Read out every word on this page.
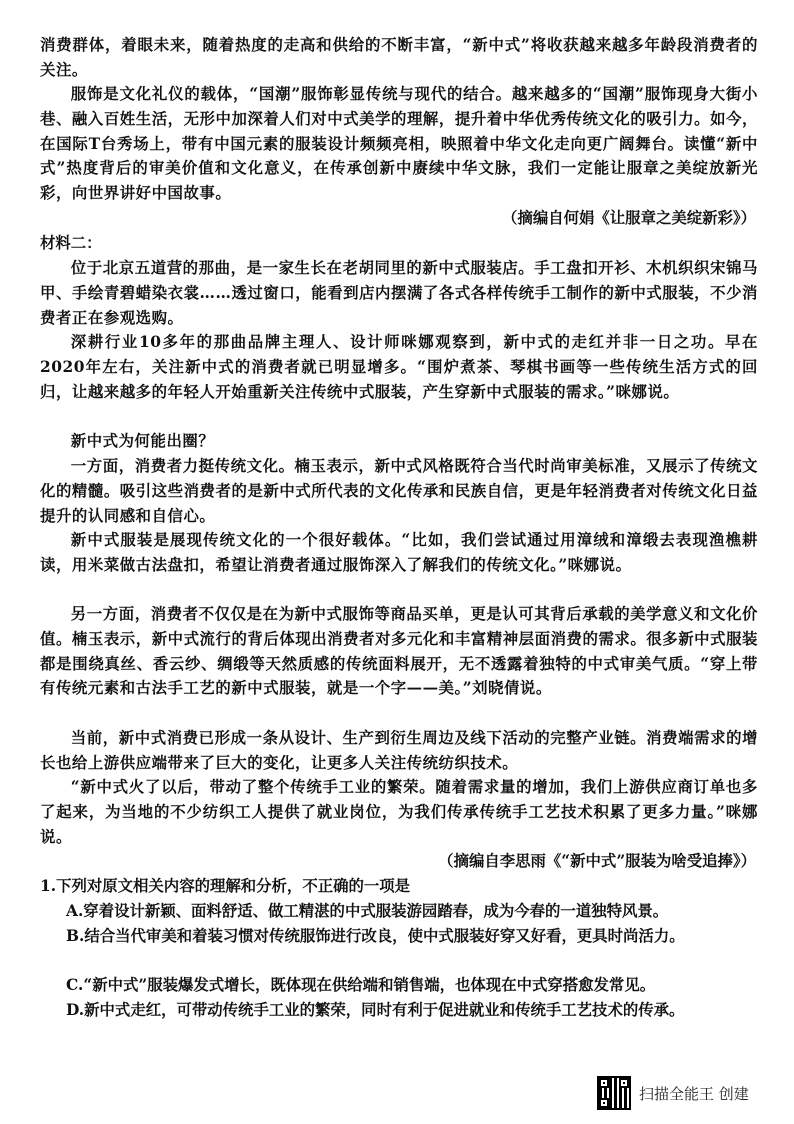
消费群体，着眼未来，随着热度的走高和供给的不断丰富，“新中式”将收获越来越多年龄段消费者的关注。
服饰是文化礼仪的载体，“国潮”服饰彰显传统与现代的结合。越来越多的“国潮”服饰现身大街小巷、融入百姓生活，无形中加深着人们对中式美学的理解，提升着中华优秀传统文化的吸引力。如今，在国际T台秀场上，带有中国元素的服装设计频频亮相，映照着中华文化走向更广阔舞台。读懂“新中式”热度背后的审美价值和文化意义，在传承创新中赓续中华文脉，我们一定能让服章之美绽放新光彩，向世界讲好中国故事。
（摘编自何娟《让服章之美绽新彩》）
材料二：
位于北京五道营的那曲，是一家生长在老胡同里的新中式服装店。手工盘扣开衫、木机织织宋锦马甲、手绘青碧蜡染衣裳……透过窗口，能看到店内摆满了各式各样传统手工制作的新中式服装，不少消费者正在参观选购。
深耕行业10多年的那曲品牌主理人、设计师咪娜观察到，新中式的走红并非一日之功。早在2020年左右，关注新中式的消费者就已明显增多。“围炉煮茶、琴棋书画等一些传统生活方式的回归，让越来越多的年轻人开始重新关注传统中式服装，产生穿新中式服装的需求。”咪娜说。
新中式为何能出圈？
一方面，消费者力挺传统文化。楠玉表示，新中式风格既符合当代时尚审美标准，又展示了传统文化的精髓。吸引这些消费者的是新中式所代表的文化传承和民族自信，更是年轻消费者对传统文化日益提升的认同感和自信心。
新中式服装是展现传统文化的一个很好载体。“比如，我们尝试通过用漳绒和漳缎去表现渔樵耕读，用米菜做古法盘扣，希望让消费者通过服饰深入了解我们的传统文化。”咪娜说。
另一方面，消费者不仅仅是在为新中式服饰等商品买单，更是认可其背后承载的美学意义和文化价值。楠玉表示，新中式流行的背后体现出消费者对多元化和丰富精神层面消费的需求。很多新中式服装都是围绕真丝、香云纱、绸缎等天然质感的传统面料展开，无不透露着独特的中式审美气质。“穿上带有传统元素和古法手工艺的新中式服装，就是一个字——美。”刘晓倩说。
当前，新中式消费已形成一条从设计、生产到衍生周边及线下活动的完整产业链。消费端需求的增长也给上游供应端带来了巨大的变化，让更多人关注传统纺织技术。
“新中式火了以后，带动了整个传统手工业的繁荣。随着需求量的增加，我们上游供应商订单也多了起来，为当地的不少纺织工人提供了就业岗位，为我们传承传统手工艺技术积累了更多力量。”咪娜说。
（摘编自李思雨《“新中式”服装为啥受追捧》）
1.下列对原文相关内容的理解和分析，不正确的一项是
A.穿着设计新颖、面料舒适、做工精湛的中式服装游园踏春，成为今春的一道独特风景。
B.结合当代审美和着装习惯对传统服饰进行改良，使中式服装好穿又好看，更具时尚活力。
C.“新中式”服装爆发式增长，既体现在供给端和销售端，也体现在中式穿搭愈发常见。
D.新中式走红，可带动传统手工业的繁荣，同时有利于促进就业和传统手工艺技术的传承。
扫描全能王 创建
